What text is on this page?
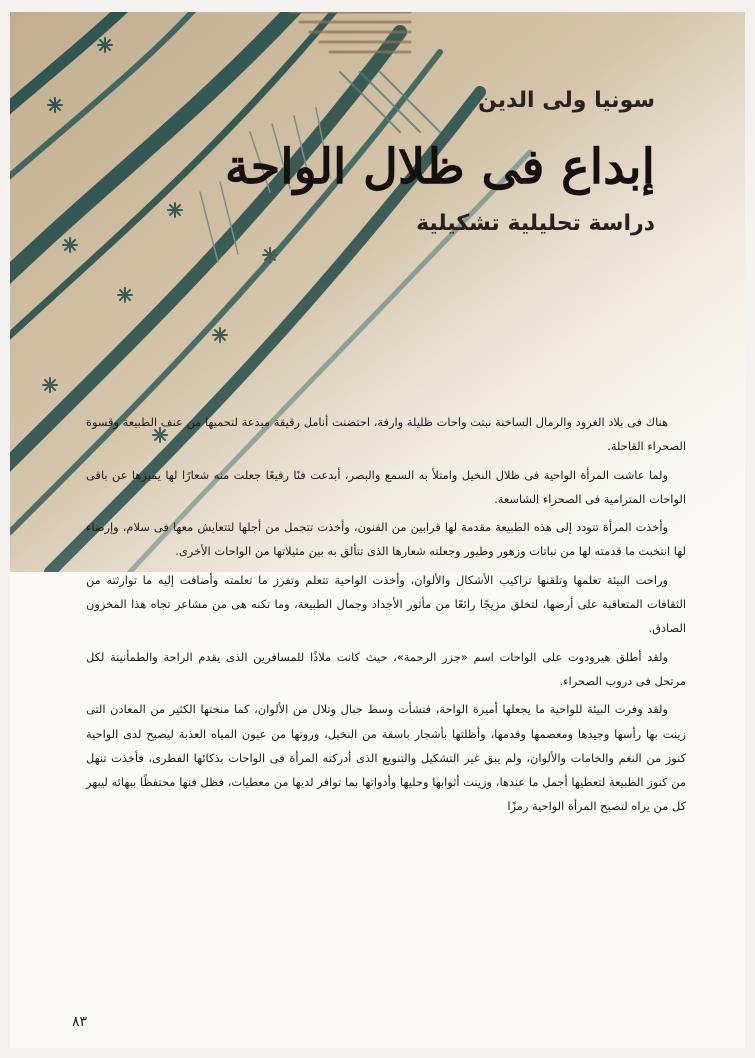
سونيا ولى الدين
إبداع فى ظلال الواحة
دراسة تحليلية تشكيلية

هناك فى بلاد الغرود والرمال الساخنة نبتت واحات ظليلة وارفة، احتضنت أنامل رقيقة مبدعة لتحميها من عنف الطبيعة وقسوة الصحراء القاحلة.

ولما عاشت المرأة الواحية فى ظلال النخيل وامتلأ به السمع والبصر، أبدعت فنًا رفيعًا جعلت منه شعارًا لها يميزها عن باقى الواحات المترامية فى الصحراء الشاسعة.

وأخذت المرأة تتودد إلى هذه الطبيعة مقدمة لها قرابين من الفنون، وأخذت تتجمل من أجلها لتتعايش معها فى سلام، وإرضاء لها انتخبت ما قدمته لها من نباتات وزهور وطيور وجعلته شعارها الذى تتألق به بين مثيلاتها من الواحات الأخرى.

وراحت البيئة تعلمها وتلقنها تراكيب الأشكال والألوان، وأخذت الواحية تتعلم وتفرز ما تعلمته وأضافت إليه ما توارثته من الثقافات المتعاقبة على أرضها، لتخلق مزيجًا رائعًا من مأثور الأجداد وجمال الطبيعة، وما تكنه هى من مشاعر تجاه هذا المخزون الصادق.

ولقد أطلق هيرودوت على الواحات اسم «جزر الرحمة»، حيث كانت ملاذًا للمسافرين الذى يقدم الراحة والطمأنينة لكل مرتحل فى دروب الصحراء.

ولقد وفرت البيئة للواحية ما يجعلها أميرة الواحة، فنشأت وسط جبال وتلال من الألوان، كما منحتها الكثير من المعادن التى زينت بها رأسها وجيدها ومعصمها وقدمها، وأظلتها بأشجار باسقة من النخيل، وروتها من عيون المياه العذبة ليصبح لدى الواحية كنوز من النغم والخامات والألوان، ولم يبق غير التشكيل والتنويع الذى أدركته المرأة فى الواحات بذكائها الفطرى، فأخذت تنهل من كنوز الطبيعة لتعطيها أجمل ما عندها، وزينت أثوابها وحليها وأدواتها بما توافر لديها من معطيات، فظل فنها محتفظًا ببهائه ليبهر كل من يراه لتصبح المرأة الواحية رمزًا

٨٣
